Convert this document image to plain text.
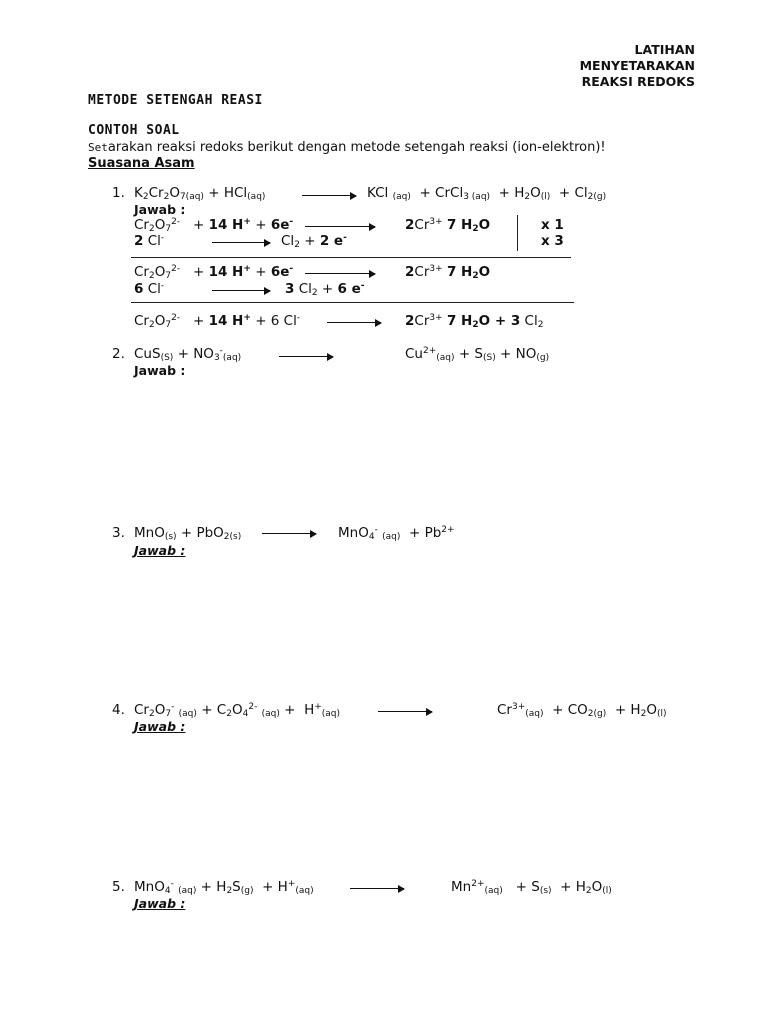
LATIHAN
MENYETARAKAN
REAKSI REDOKS
METODE SETENGAH REASI
CONTOH SOAL
Setarakan reaksi redoks berikut dengan metode setengah reaksi (ion-elektron)!
Suasana Asam
1. $K_2Cr_2O_{7(aq)} + HCl_{(aq)}$	KCl $_{(aq)}$  + CrCl$_{3 (aq)}$  + $H_2O_{(l)} + Cl_{2(g)}$
Jawab :
$Cr_2O_7^{2-} + 14$ H+ + 6e-	$2Cr^{3+}$ 7 $H_2O$	x 1
2 Cl-	$Cl_2 + 2$ e-	x 3
$Cr_2O_7^{2-} + 14$ H+ + 6e-	$2Cr^{3+}$ 7 $H_2O$
6 Cl-	3 $Cl_2 + 6$ e-
$Cr_2O_7^{2-} + 14$ H+ + 6 Cl-	$2Cr^{3+}$ 7 $H_2O + 3$ $Cl_2$
2. $CuS_{(S)} + NO_3^-_{(aq)}$	$Cu^{2+}_{(aq)} + S_{(S)} + NO_{(g)}$
Jawab :
3. MnO$_{(s)}$ + PbO$_{2(s)}$	MnO$_4$- $_{(aq)} + Pb^{2+}$
Jawab :
4. $Cr_2O_7^-$ $_{(aq)} + C_2O_4^{2-}$ $_{(aq)} + H^+_{(aq)}$	$Cr^{3+}_{(aq)} + CO_{2(g)} + H_2O_{(l)}$
Jawab :
5. MnO$_4$- $_{(aq)} + H_2S_{(g)} + H^+_{(aq)}$	$Mn^{2+}_{(aq)} + S_{(s)} + H_2O_{(l)}$
Jawab :
